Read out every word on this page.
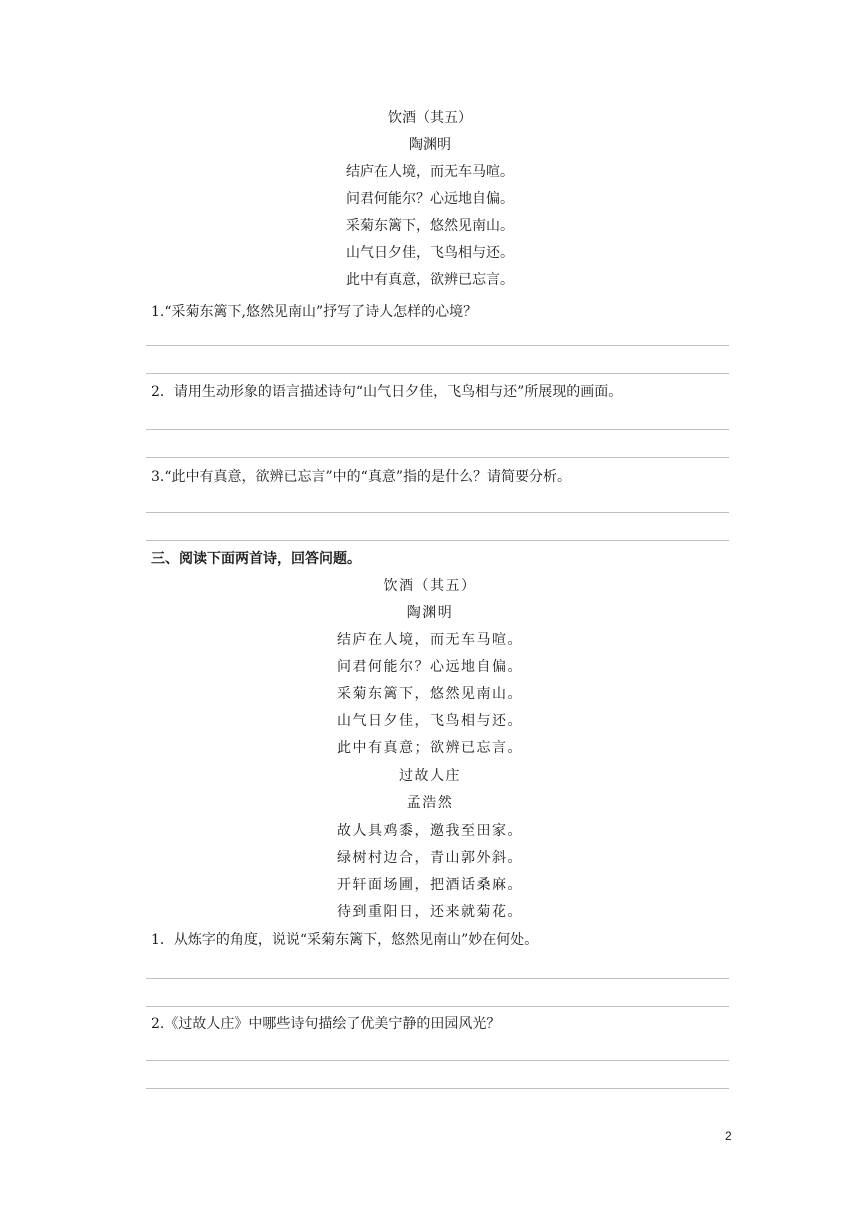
饮酒（其五）
陶渊明
结庐在人境，而无车马喧。
问君何能尔？心远地自偏。
采菊东篱下，悠然见南山。
山气日夕佳，飞鸟相与还。
此中有真意，欲辨已忘言。
1.“采菊东篱下,悠然见南山”抒写了诗人怎样的心境？
2．请用生动形象的语言描述诗句“山气日夕佳，飞鸟相与还”所展现的画面。
3.“此中有真意，欲辨已忘言”中的“真意”指的是什么？请简要分析。
三、阅读下面两首诗，回答问题。
饮酒（其五）
陶渊明
结庐在人境，而无车马喧。
问君何能尔？心远地自偏。
采菊东篱下，悠然见南山。
山气日夕佳，飞鸟相与还。
此中有真意；欲辨已忘言。
过故人庄
孟浩然
故人具鸡黍，邀我至田家。
绿树村边合，青山郭外斜。
开轩面场圃，把酒话桑麻。
待到重阳日，还来就菊花。
1．从炼字的角度，说说“采菊东篱下，悠然见南山”妙在何处。
2.《过故人庄》中哪些诗句描绘了优美宁静的田园风光？
2
